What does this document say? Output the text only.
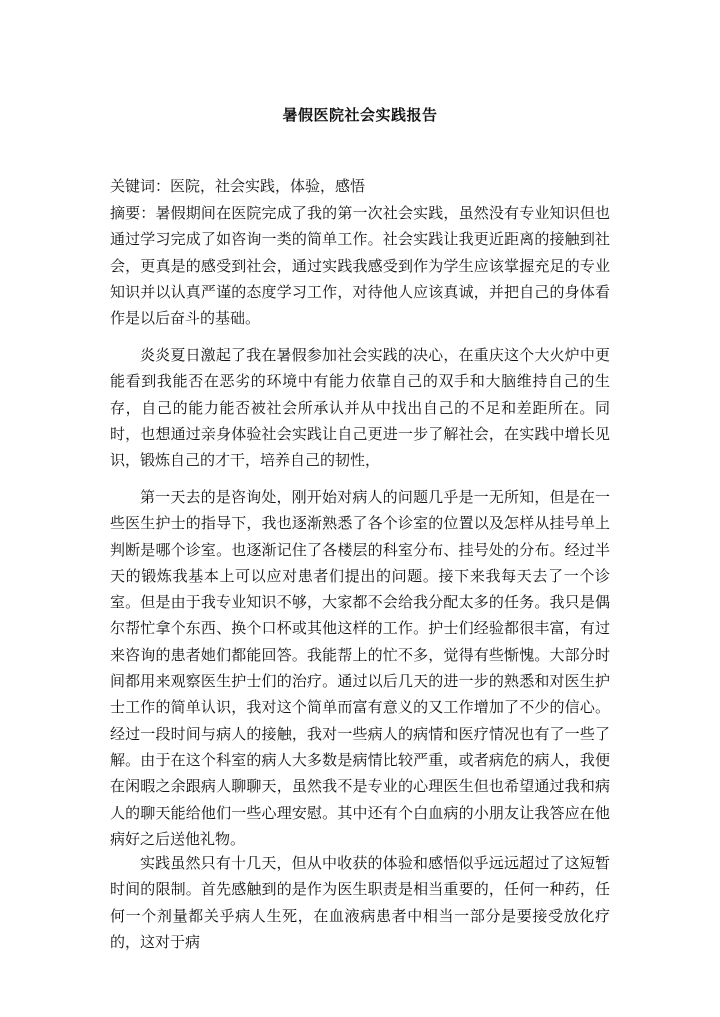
暑假医院社会实践报告
关键词：医院，社会实践，体验，感悟
摘要：暑假期间在医院完成了我的第一次社会实践，虽然没有专业知识但也通过学习完成了如咨询一类的简单工作。社会实践让我更近距离的接触到社会，更真是的感受到社会，通过实践我感受到作为学生应该掌握充足的专业知识并以认真严谨的态度学习工作，对待他人应该真诚，并把自己的身体看作是以后奋斗的基础。
炎炎夏日激起了我在暑假参加社会实践的决心，在重庆这个大火炉中更能看到我能否在恶劣的环境中有能力依靠自己的双手和大脑维持自己的生存，自己的能力能否被社会所承认并从中找出自己的不足和差距所在。同时，也想通过亲身体验社会实践让自己更进一步了解社会，在实践中增长见识，锻炼自己的才干，培养自己的韧性，
第一天去的是咨询处，刚开始对病人的问题几乎是一无所知，但是在一些医生护士的指导下，我也逐渐熟悉了各个诊室的位置以及怎样从挂号单上判断是哪个诊室。也逐渐记住了各楼层的科室分布、挂号处的分布。经过半天的锻炼我基本上可以应对患者们提出的问题。接下来我每天去了一个诊室。但是由于我专业知识不够，大家都不会给我分配太多的任务。我只是偶尔帮忙拿个东西、换个口杯或其他这样的工作。护士们经验都很丰富，有过来咨询的患者她们都能回答。我能帮上的忙不多，觉得有些惭愧。大部分时间都用来观察医生护士们的治疗。通过以后几天的进一步的熟悉和对医生护士工作的简单认识，我对这个简单而富有意义的又工作增加了不少的信心。经过一段时间与病人的接触，我对一些病人的病情和医疗情况也有了一些了解。由于在这个科室的病人大多数是病情比较严重，或者病危的病人，我便在闲暇之余跟病人聊聊天，虽然我不是专业的心理医生但也希望通过我和病人的聊天能给他们一些心理安慰。其中还有个白血病的小朋友让我答应在他病好之后送他礼物。
实践虽然只有十几天，但从中收获的体验和感悟似乎远远超过了这短暂时间的限制。首先感触到的是作为医生职责是相当重要的，任何一种药，任何一个剂量都关乎病人生死，在血液病患者中相当一部分是要接受放化疗的，这对于病
